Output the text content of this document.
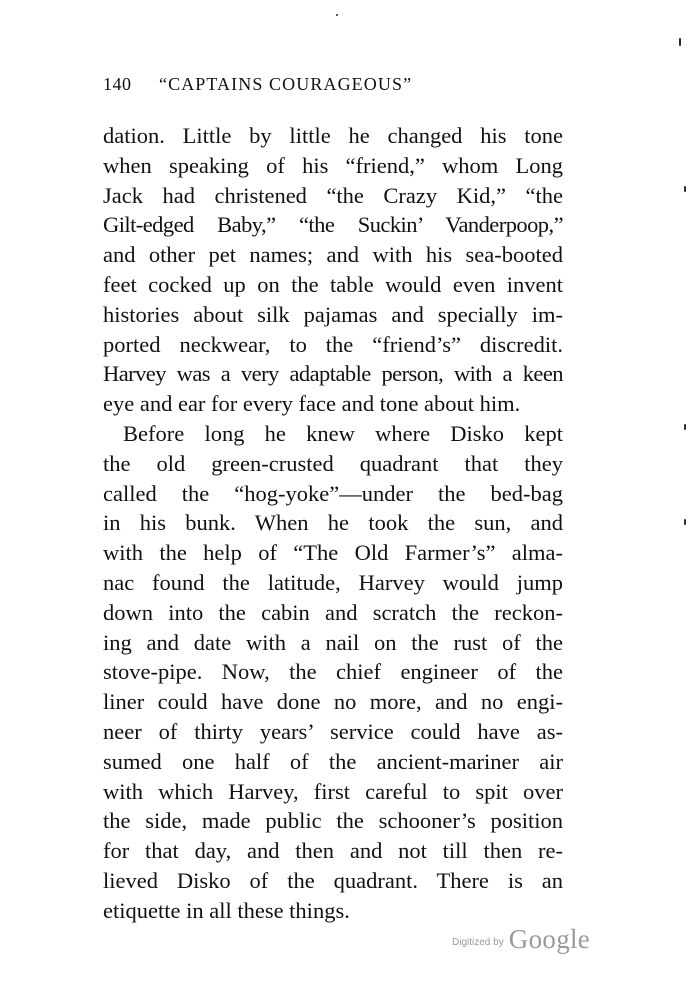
140 “CAPTAINS COURAGEOUS”
dation. Little by little he changed his tone
when speaking of his “friend,” whom Long
Jack had christened “the Crazy Kid,” “the
Gilt-edged Baby,” “the Suckin’ Vanderpoop,”
and other pet names; and with his sea-booted
feet cocked up on the table would even invent
histories about silk pajamas and specially im-
ported neckwear, to the “friend’s” discredit.
Harvey was a very adaptable person, with a keen
eye and ear for every face and tone about him.
Before long he knew where Disko kept
the old green-crusted quadrant that they
called the “hog-yoke”—under the bed-bag
in his bunk. When he took the sun, and
with the help of “The Old Farmer’s” alma-
nac found the latitude, Harvey would jump
down into the cabin and scratch the reckon-
ing and date with a nail on the rust of the
stove-pipe. Now, the chief engineer of the
liner could have done no more, and no engi-
neer of thirty years’ service could have as-
sumed one half of the ancient-mariner air
with which Harvey, first careful to spit over
the side, made public the schooner’s position
for that day, and then and not till then re-
lieved Disko of the quadrant. There is an
etiquette in all these things.
Digitized by Google
